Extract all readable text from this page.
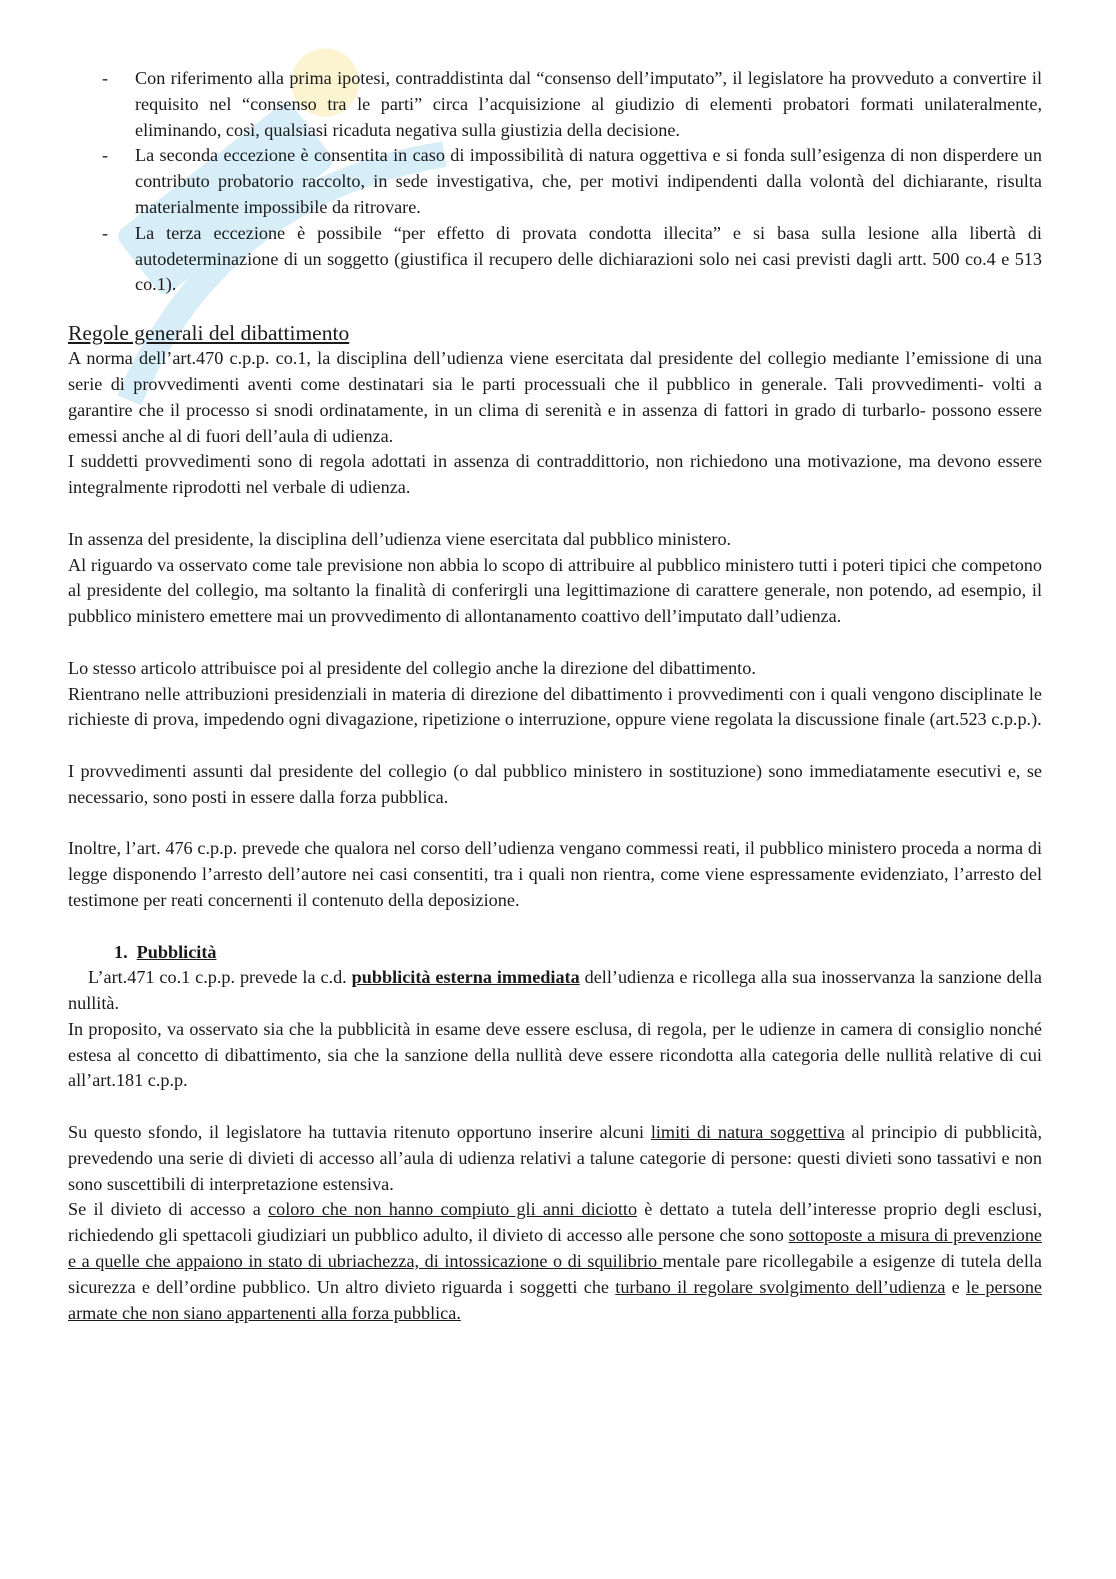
- Con riferimento alla prima ipotesi, contraddistinta dal “consenso dell’imputato”, il legislatore ha provveduto a convertire il requisito nel “consenso tra le parti” circa l’acquisizione al giudizio di elementi probatori formati unilateralmente, eliminando, così, qualsiasi ricaduta negativa sulla giustizia della decisione.
- La seconda eccezione è consentita in caso di impossibilità di natura oggettiva e si fonda sull’esigenza di non disperdere un contributo probatorio raccolto, in sede investigativa, che, per motivi indipendenti dalla volontà del dichiarante, risulta materialmente impossibile da ritrovare.
- La terza eccezione è possibile “per effetto di provata condotta illecita” e si basa sulla lesione alla libertà di autodeterminazione di un soggetto (giustifica il recupero delle dichiarazioni solo nei casi previsti dagli artt. 500 co.4 e 513 co.1).
Regole generali del dibattimento

A norma dell’art.470 c.p.p. co.1, la disciplina dell’udienza viene esercitata dal presidente del collegio mediante l’emissione di una serie di provvedimenti aventi come destinatari sia le parti processuali che il pubblico in generale. Tali provvedimenti- volti a garantire che il processo si snodi ordinatamente, in un clima di serenità e in assenza di fattori in grado di turbarlo- possono essere emessi anche al di fuori dell’aula di udienza.

I suddetti provvedimenti sono di regola adottati in assenza di contraddittorio, non richiedono una motivazione, ma devono essere integralmente riprodotti nel verbale di udienza.

In assenza del presidente, la disciplina dell’udienza viene esercitata dal pubblico ministero.

Al riguardo va osservato come tale previsione non abbia lo scopo di attribuire al pubblico ministero tutti i poteri tipici che competono al presidente del collegio, ma soltanto la finalità di conferirgli una legittimazione di carattere generale, non potendo, ad esempio, il pubblico ministero emettere mai un provvedimento di allontanamento coattivo dell’imputato dall’udienza.

Lo stesso articolo attribuisce poi al presidente del collegio anche la direzione del dibattimento.

Rientrano nelle attribuzioni presidenziali in materia di direzione del dibattimento i provvedimenti con i quali vengono disciplinate le richieste di prova, impedendo ogni divagazione, ripetizione o interruzione, oppure viene regolata la discussione finale (art.523 c.p.p.).

I provvedimenti assunti dal presidente del collegio (o dal pubblico ministero in sostituzione) sono immediatamente esecutivi e, se necessario, sono posti in essere dalla forza pubblica.

Inoltre, l’art. 476 c.p.p. prevede che qualora nel corso dell’udienza vengano commessi reati, il pubblico ministero proceda a norma di legge disponendo l’arresto dell’autore nei casi consentiti, tra i quali non rientra, come viene espressamente evidenziato, l’arresto del testimone per reati concernenti il contenuto della deposizione.

1. Pubblicità

L’art.471 co.1 c.p.p. prevede la c.d. pubblicità esterna immediata dell’udienza e ricollega alla sua inosservanza la sanzione della nullità.

In proposito, va osservato sia che la pubblicità in esame deve essere esclusa, di regola, per le udienze in camera di consiglio nonché estesa al concetto di dibattimento, sia che la sanzione della nullità deve essere ricondotta alla categoria delle nullità relative di cui all’art.181 c.p.p.

Su questo sfondo, il legislatore ha tuttavia ritenuto opportuno inserire alcuni limiti di natura soggettiva al principio di pubblicità, prevedendo una serie di divieti di accesso all’aula di udienza relativi a talune categorie di persone: questi divieti sono tassativi e non sono suscettibili di interpretazione estensiva.

Se il divieto di accesso a coloro che non hanno compiuto gli anni diciotto è dettato a tutela dell’interesse proprio degli esclusi, richiedendo gli spettacoli giudiziari un pubblico adulto, il divieto di accesso alle persone che sono sottoposte a misura di prevenzione e a quelle che appaiono in stato di ubriachezza, di intossicazione o di squilibrio mentale pare ricollegabile a esigenze di tutela della sicurezza e dell’ordine pubblico. Un altro divieto riguarda i soggetti che turbano il regolare svolgimento dell’udienza e le persone armate che non siano appartenenti alla forza pubblica.
